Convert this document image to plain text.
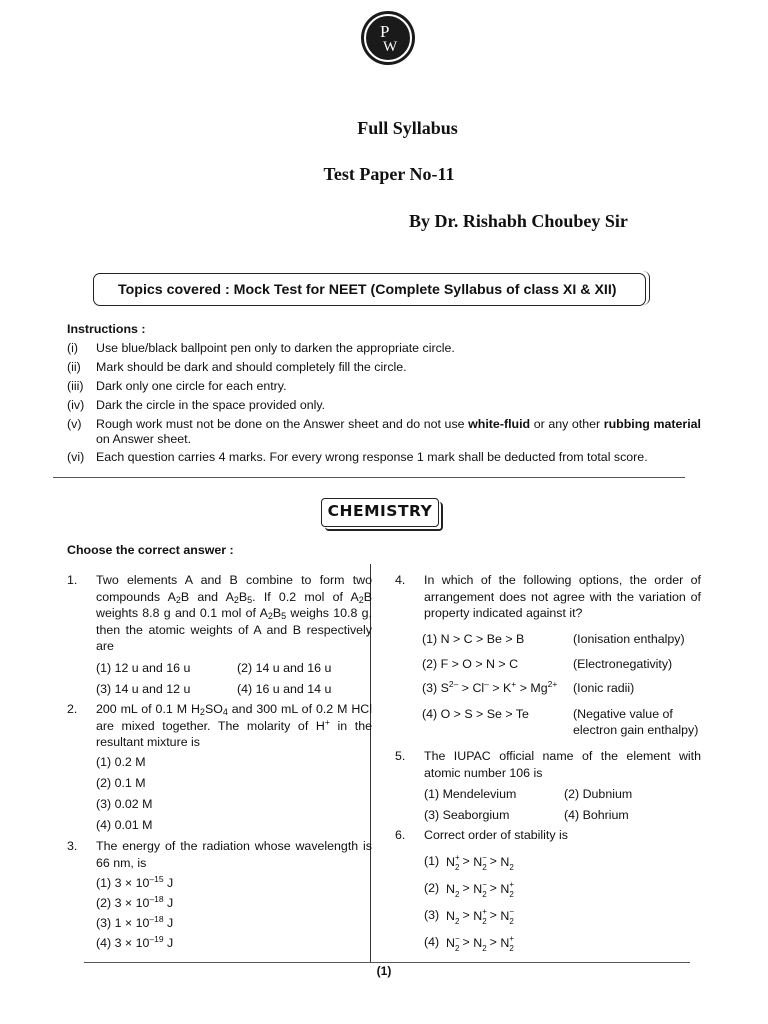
P
W
Full Syllabus
Test Paper No-11
By Dr. Rishabh Choubey Sir
Topics covered : Mock Test for NEET (Complete Syllabus of class XI & XII)
Instructions :
(i) Use blue/black ballpoint pen only to darken the appropriate circle.
(ii) Mark should be dark and should completely fill the circle.
(iii) Dark only one circle for each entry.
(iv) Dark the circle in the space provided only.
(v) Rough work must not be done on the Answer sheet and do not use white-fluid or any other rubbing material on Answer sheet.
(vi) Each question carries 4 marks. For every wrong response 1 mark shall be deducted from total score.
CHEMISTRY
Choose the correct answer :
1. Two elements A and B combine to form two compounds $A_2B$ and $A_2B_5$. If 0.2 mol of $A_2B$ weights 8.8 g and 0.1 mol of $A_2B_5$ weighs 10.8 g, then the atomic weights of A and B respectively are
(1) 12 u and 16 u	(2) 14 u and 16 u
(3) 14 u and 12 u	(4) 16 u and 14 u
2. 200 mL of 0.1 M $H_2SO_4$ and 300 mL of 0.2 M HCl are mixed together. The molarity of H+ in the resultant mixture is
(1) 0.2 M
(2) 0.1 M
(3) 0.02 M
(4) 0.01 M
3. The energy of the radiation whose wavelength is 66 nm, is
(1) $3 \times 10^{-15}$ J
(2) $3 \times 10^{-18}$ J
(3) $1 \times 10^{-18}$ J
(4) $3 \times 10^{-19}$ J
4. In which of the following options, the order of arrangement does not agree with the variation of property indicated against it?
(1) N > C > Be > B	(Ionisation enthalpy)
(2) F > O > N > C	(Electronegativity)
(3) $S^{2-} > Cl^- > K^+ > Mg^{2+}$ (Ionic radii)
(4) O > S > Se > Te	(Negative value of
electron gain enthalpy)
5. The IUPAC official name of the element with atomic number 106 is
(1) Mendelevium	(2) Dubnium
(3) Seaborgium	(4) Bohrium
6. Correct order of stability is
(1) N +
2 > N −
2 > N 2
(2) N 2 > N −
2 > N +
2
(3) N 2 > N +
2 > N −
2
(4) N −
2 > N 2 > N +
2
(1)
